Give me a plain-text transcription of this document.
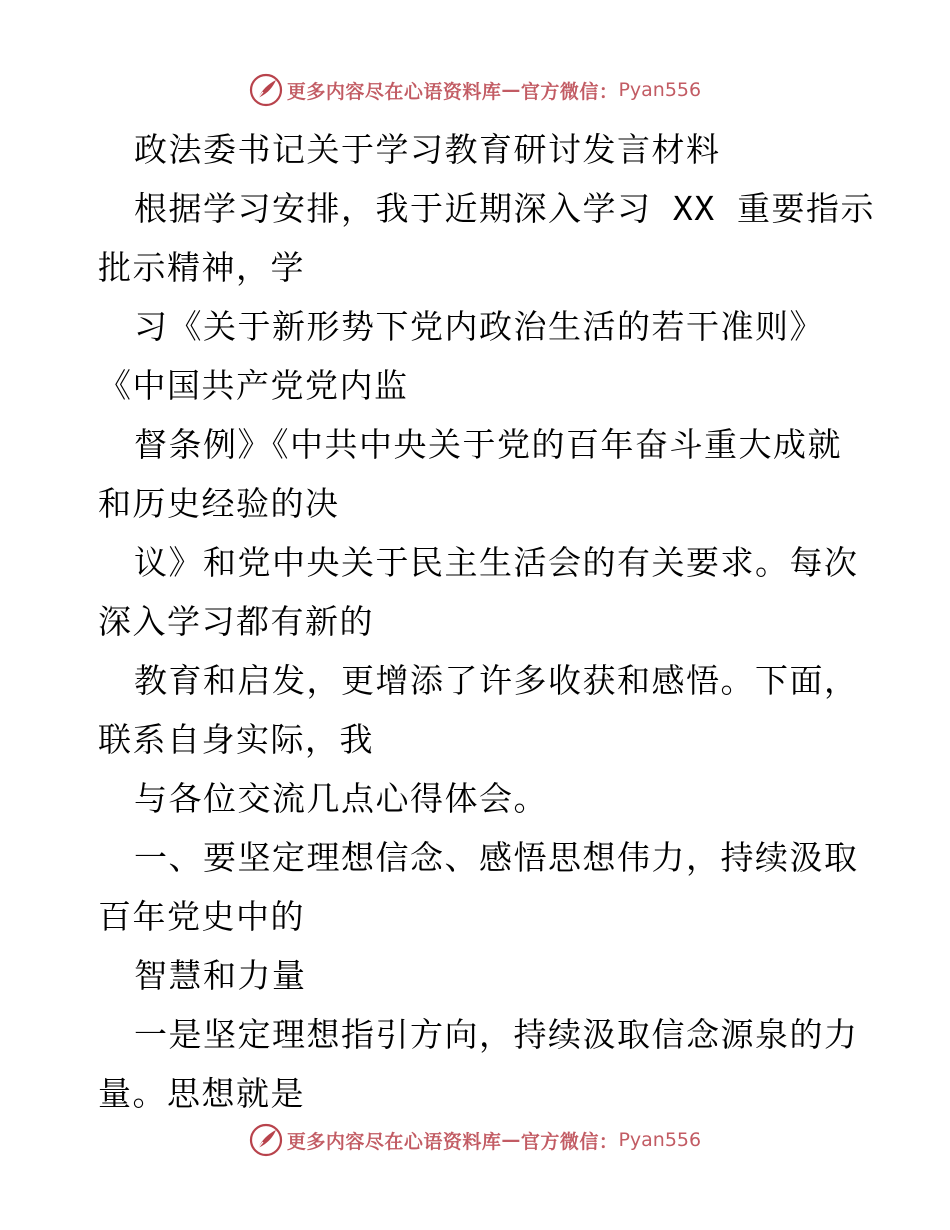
更多内容尽在心语资料库 — 官方微信： Pyan556
政法委书记关于学习教育研讨发言材料
根据学习安排，我于近期深入学习 XX 重要指示
批示精神，学
习《关于新形势下党内政治生活的若干准则》
《中国共产党党内监
督条例》《中共中央关于党的百年奋斗重大成就
和历史经验的决
议》和党中央关于民主生活会的有关要求。每次
深入学习都有新的
教育和启发，更增添了许多收获和感悟。下面，
联系自身实际，我
与各位交流几点心得体会。
一、要坚定理想信念、感悟思想伟力，持续汲取
百年党史中的
智慧和力量
一是坚定理想指引方向，持续汲取信念源泉的力
量。思想就是
更多内容尽在心语资料库 — 官方微信： Pyan556
